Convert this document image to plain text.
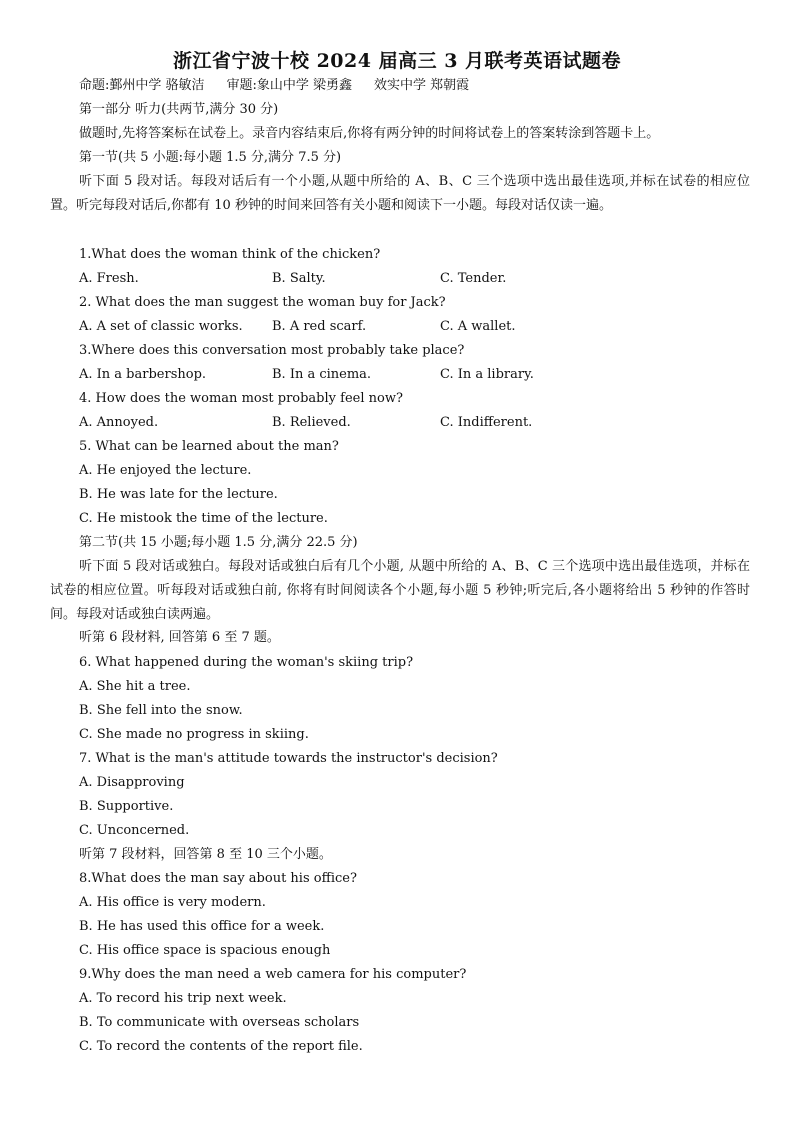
浙江省宁波十校 2024 届高三 3 月联考英语试题卷
命题:鄞州中学 骆敏洁 审题:象山中学 梁勇鑫 效实中学 郑朝霞
第一部分 听力(共两节,满分 30 分)
做题时,先将答案标在试卷上。录音内容结束后,你将有两分钟的时间将试卷上的答案转涂到答题卡上。
第一节(共 5 小题:每小题 1.5 分,满分 7.5 分)
听下面 5 段对话。每段对话后有一个小题,从题中所给的 A、B、C 三个选项中选出最佳选项,并标在试卷的相应位置。听完每段对话后,你都有 10 秒钟的时间来回答有关小题和阅读下一小题。每段对话仅读一遍。
1.What does the woman think of the chicken?
A. Fresh.	B. Salty.	C. Tender.
2. What does the man suggest the woman buy for Jack?
A. A set of classic works. B. A red scarf.	C. A wallet.
3.Where does this conversation most probably take place?
A. In a barbershop.	B. In a cinema.	C. In a library.
4. How does the woman most probably feel now?
A. Annoyed.	B. Relieved.	C. Indifferent.
5. What can be learned about the man?
A. He enjoyed the lecture.
B. He was late for the lecture.
C. He mistook the time of the lecture.
第二节(共 15 小题;每小题 1.5 分,满分 22.5 分)
听下面 5 段对话或独白。每段对话或独白后有几个小题, 从题中所给的 A、B、C 三个选项中选出最佳选项，并标在试卷的相应位置。听每段对话或独白前, 你将有时间阅读各个小题,每小题 5 秒钟;听完后,各小题将给出 5 秒钟的作答时间。每段对话或独白读两遍。
听第 6 段材料, 回答第 6 至 7 题。
6. What happened during the woman's skiing trip?
A. She hit a tree.
B. She fell into the snow.
C. She made no progress in skiing.
7. What is the man's attitude towards the instructor's decision?
A. Disapproving
B. Supportive.
C. Unconcerned.
听第 7 段材料，回答第 8 至 10 三个小题。
8.What does the man say about his office?
A. His office is very modern.
B. He has used this office for a week.
C. His office space is spacious enough
9.Why does the man need a web camera for his computer?
A. To record his trip next week.
B. To communicate with overseas scholars
C. To record the contents of the report file.
